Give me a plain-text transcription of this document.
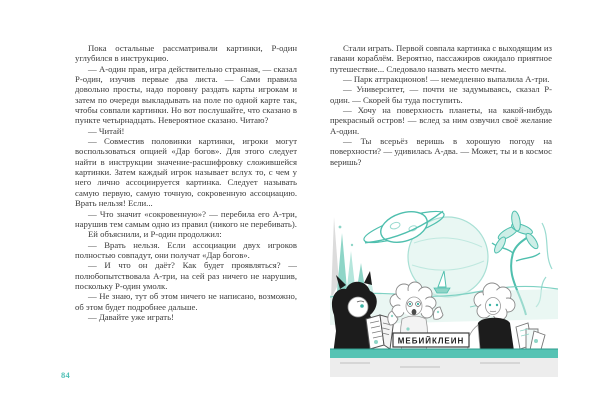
Пока остальные рассматривали картинки, Р-один углубился в инструкцию.

— А-один прав, игра действительно странная, — сказал Р-один, изучив первые два листа. — Сами правила довольно просты, надо поровну раздать карты игрокам и затем по очереди выкладывать на поле по одной карте так, чтобы совпали картинки. Но вот послушайте, что сказано в пункте четырнадцать. Невероятное сказано. Читаю?

— Читай!

— Совместив половинки картинки, игроки могут воспользоваться опцией «Дар богов». Для этого следует найти в инструкции значение-расшифровку сложившейся картинки. Затем каждый игрок называет вслух то, с чем у него лично ассоциируется картинка. Следует называть самую первую, самую точную, сокровенную ассоциацию. Врать нельзя! Если...

— Что значит «сокровенную»? — перебила его А-три, нарушив тем самым одно из правил (никого не перебивать).

Ей объяснили, и Р-один продолжил:

— Врать нельзя. Если ассоциации двух игроков полностью совпадут, они получат «Дар богов».

— И что он даёт? Как будет проявляться? — полюбопытствовала А-три, на сей раз ничего не нарушив, поскольку Р-один умолк.

— Не знаю, тут об этом ничего не написано, возможно, об этом будет подробнее дальше.

— Давайте уже играть!

Стали играть. Первой совпала картинка с выходящим из гавани кораблём. Вероятно, пассажиров ожидало приятное путешествие... Следовало назвать место мечты.

— Парк аттракционов! — немедленно выпалила А-три.

— Университет, — почти не задумываясь, сказал Р-один. — Скорей бы туда поступить.

— Хочу на поверхность планеты, на какой-нибудь прекрасный остров! — вслед за ним озвучил своё желание А-один.

— Ты всерьёз веришь в хорошую погоду на поверхности? — удивилась А-два. — Может, ты и в космос веришь?

84
МЕБИЙКЛЕИН
